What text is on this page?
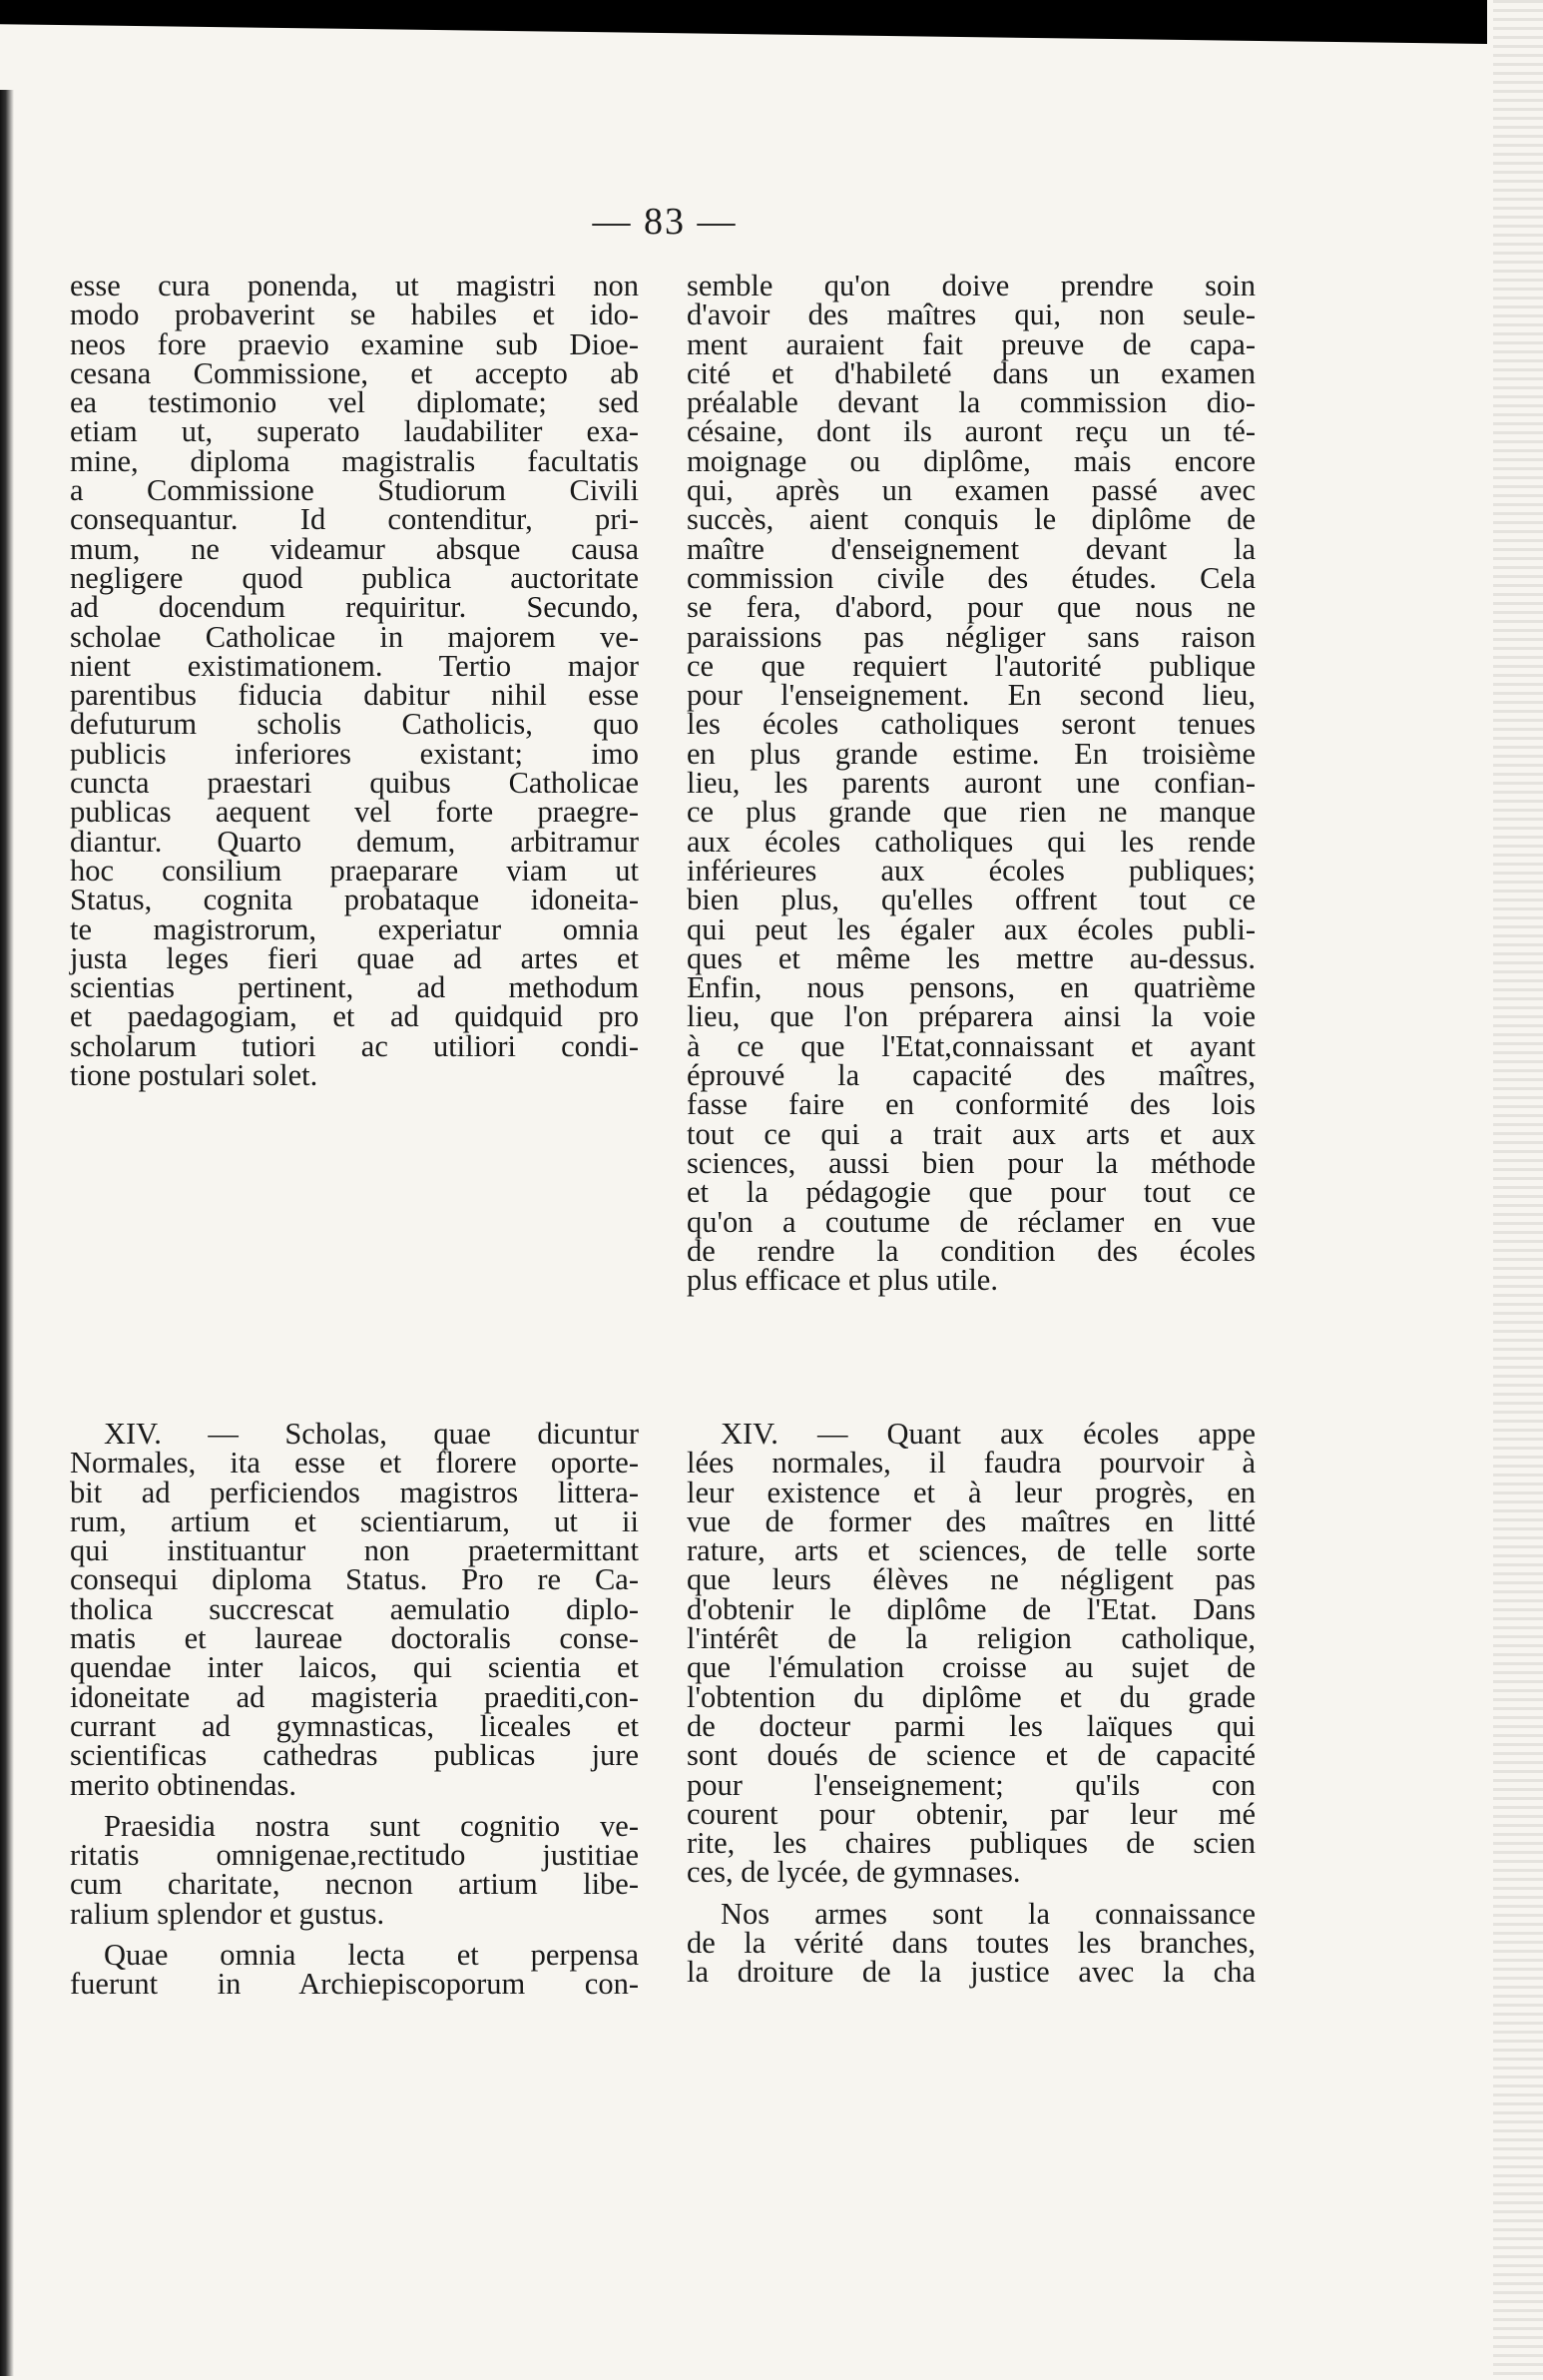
— 83 —

esse cura ponenda, ut magistri non
modo probaverint se habiles et ido-
neos fore praevio examine sub Dioe-
cesana Commissione, et accepto ab
ea testimonio vel diplomate; sed
etiam ut, superato laudabiliter exa-
mine, diploma magistralis facultatis
a Commissione Studiorum Civili
consequantur. Id contenditur, pri-
mum, ne videamur absque causa
negligere quod publica auctoritate
ad docendum requiritur. Secundo,
scholae Catholicae in majorem ve-
nient existimationem. Tertio major
parentibus fiducia dabitur nihil esse
defuturum scholis Catholicis, quo
publicis inferiores existant; imo
cuncta praestari quibus Catholicae
publicas aequent vel forte praegre-
diantur. Quarto demum, arbitramur
hoc consilium praeparare viam ut
Status, cognita probataque idoneita-
te magistrorum, experiatur omnia
justa leges fieri quae ad artes et
scientias pertinent, ad methodum
et paedagogiam, et ad quidquid pro
scholarum tutiori ac utiliori condi-
tione postulari solet.

semble qu'on doive prendre soin
d'avoir des maîtres qui, non seule-
ment auraient fait preuve de capa-
cité et d'habileté dans un examen
préalable devant la commission dio-
césaine, dont ils auront reçu un té-
moignage ou diplôme, mais encore
qui, après un examen passé avec
succès, aient conquis le diplôme de
maître d'enseignement devant la
commission civile des études. Cela
se fera, d'abord, pour que nous ne
paraissions pas négliger sans raison
ce que requiert l'autorité publique
pour l'enseignement. En second lieu,
les écoles catholiques seront tenues
en plus grande estime. En troisième
lieu, les parents auront une confian-
ce plus grande que rien ne manque
aux écoles catholiques qui les rende
inférieures aux écoles publiques;
bien plus, qu'elles offrent tout ce
qui peut les égaler aux écoles publi-
ques et même les mettre au-dessus.
Enfin, nous pensons, en quatrième
lieu, que l'on préparera ainsi la voie
à ce que l'Etat,connaissant et ayant
éprouvé la capacité des maîtres,
fasse faire en conformité des lois
tout ce qui a trait aux arts et aux
sciences, aussi bien pour la méthode
et la pédagogie que pour tout ce
qu'on a coutume de réclamer en vue
de rendre la condition des écoles
plus efficace et plus utile.

XIV. — Scholas, quae dicuntur
Normales, ita esse et florere oporte-
bit ad perficiendos magistros littera-
rum, artium et scientiarum, ut ii
qui instituantur non praetermittant
consequi diploma Status. Pro re Ca-
tholica succrescat aemulatio diplo-
matis et laureae doctoralis conse-
quendae inter laicos, qui scientia et
idoneitate ad magisteria praediti,con-
currant ad gymnasticas, liceales et
scientificas cathedras publicas jure
merito obtinendas.

Praesidia nostra sunt cognitio ve-
ritatis omnigenae,rectitudo justitiae
cum charitate, necnon artium libe-
ralium splendor et gustus.

Quae omnia lecta et perpensa
fuerunt in Archiepiscoporum con-

XIV. — Quant aux écoles appe
lées normales, il faudra pourvoir à
leur existence et à leur progrès, en
vue de former des maîtres en litté
rature, arts et sciences, de telle sorte
que leurs élèves ne négligent pas
d'obtenir le diplôme de l'Etat. Dans
l'intérêt de la religion catholique,
que l'émulation croisse au sujet de
l'obtention du diplôme et du grade
de docteur parmi les laïques qui
sont doués de science et de capacité
pour l'enseignement; qu'ils con
courent pour obtenir, par leur mé
rite, les chaires publiques de scien
ces, de lycée, de gymnases.

Nos armes sont la connaissance
de la vérité dans toutes les branches,
la droiture de la justice avec la cha
